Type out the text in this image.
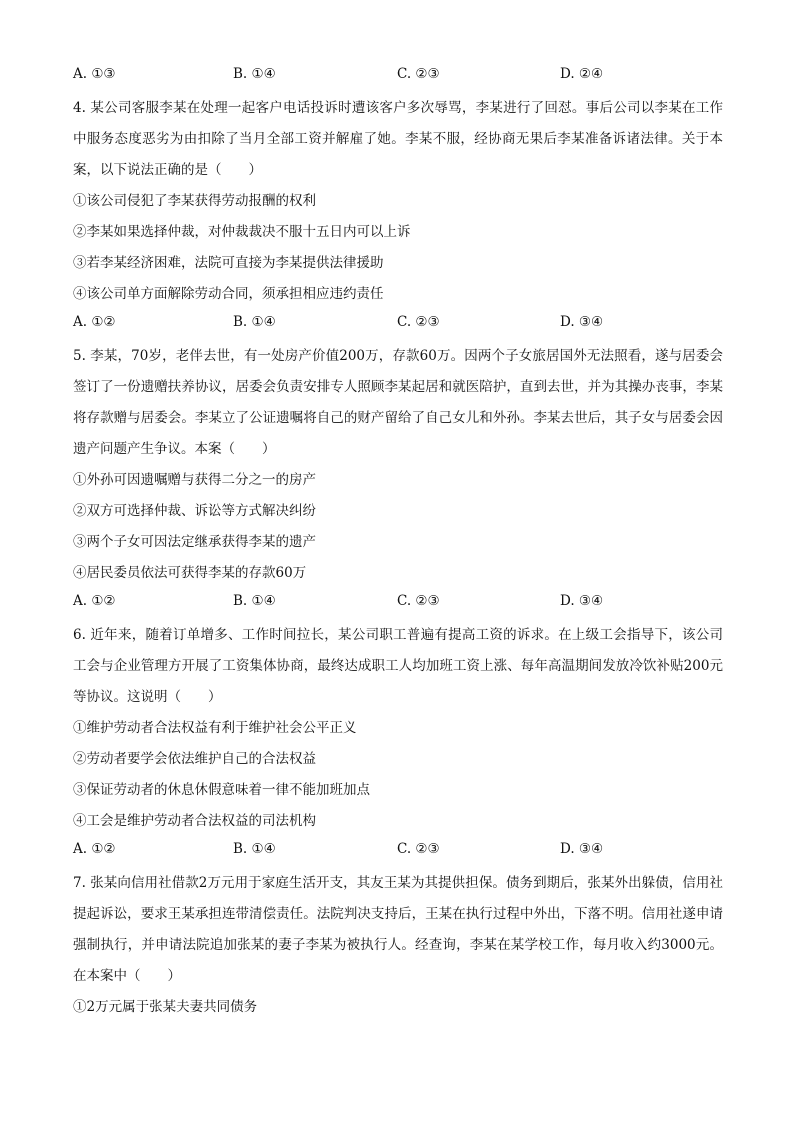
A. ①③	B. ①④	C. ②③	D. ②④

4. 某公司客服李某在处理一起客户电话投诉时遭该客户多次辱骂，李某进行了回怼。事后公司以李某在工作中服务态度恶劣为由扣除了当月全部工资并解雇了她。李某不服，经协商无果后李某准备诉诸法律。关于本案，以下说法正确的是（　　）

①该公司侵犯了李某获得劳动报酬的权利

②李某如果选择仲裁，对仲裁裁决不服十五日内可以上诉

③若李某经济困难，法院可直接为李某提供法律援助

④该公司单方面解除劳动合同，须承担相应违约责任

A. ①②	B. ①④	C. ②③	D. ③④

5. 李某，70岁，老伴去世，有一处房产价值200万，存款60万。因两个子女旅居国外无法照看，遂与居委会签订了一份遗赠扶养协议，居委会负责安排专人照顾李某起居和就医陪护，直到去世，并为其操办丧事，李某将存款赠与居委会。李某立了公证遗嘱将自己的财产留给了自己女儿和外孙。李某去世后，其子女与居委会因遗产问题产生争议。本案（　　）

①外孙可因遗嘱赠与获得二分之一的房产

②双方可选择仲裁、诉讼等方式解决纠纷

③两个子女可因法定继承获得李某的遗产

④居民委员依法可获得李某的存款60万

A. ①②	B. ①④	C. ②③	D. ③④

6. 近年来，随着订单增多、工作时间拉长，某公司职工普遍有提高工资的诉求。在上级工会指导下，该公司工会与企业管理方开展了工资集体协商，最终达成职工人均加班工资上涨、每年高温期间发放冷饮补贴200元等协议。这说明（　　）

①维护劳动者合法权益有利于维护社会公平正义

②劳动者要学会依法维护自己的合法权益

③保证劳动者的休息休假意味着一律不能加班加点

④工会是维护劳动者合法权益的司法机构

A. ①②	B. ①④	C. ②③	D. ③④

7. 张某向信用社借款2万元用于家庭生活开支，其友王某为其提供担保。债务到期后，张某外出躲债，信用社提起诉讼，要求王某承担连带清偿责任。法院判决支持后，王某在执行过程中外出，下落不明。信用社遂申请强制执行，并申请法院追加张某的妻子李某为被执行人。经查询，李某在某学校工作，每月收入约3000元。在本案中（　　）

①2万元属于张某夫妻共同债务
